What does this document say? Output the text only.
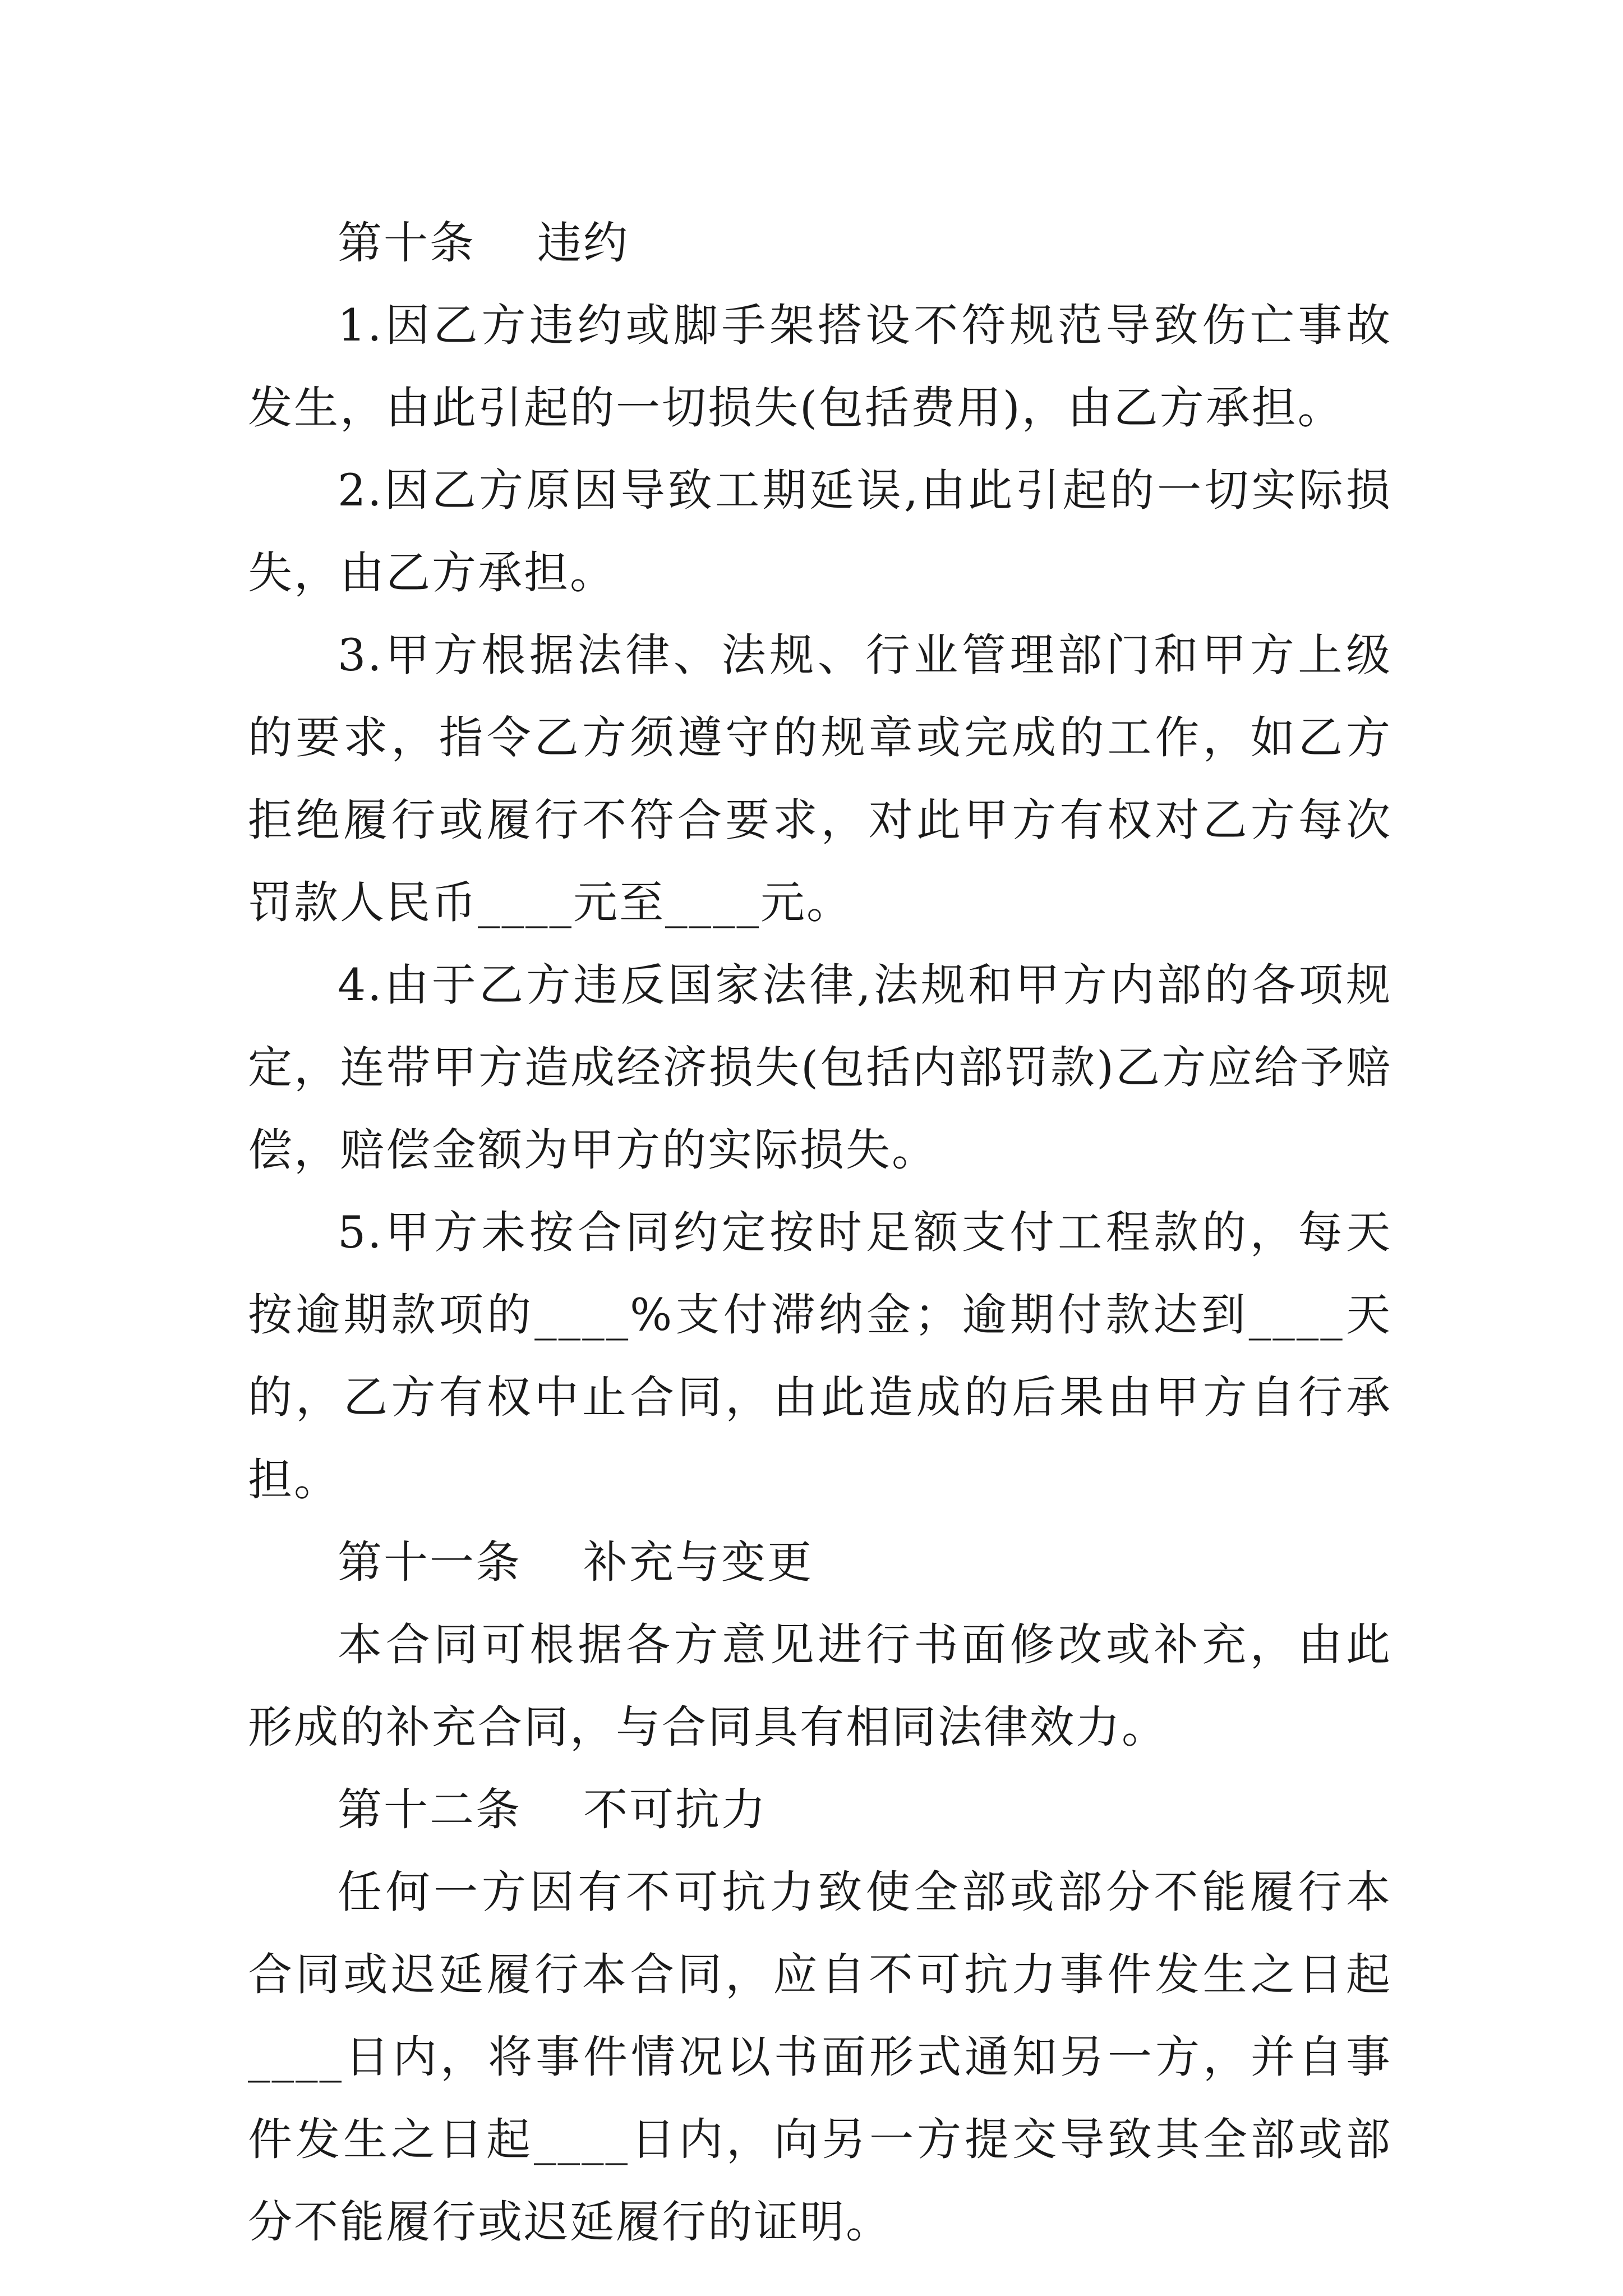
第十条 违约

1.因乙方违约或脚手架搭设不符规范导致伤亡事故发生，由此引起的一切损失(包括费用)，由乙方承担。

2.因乙方原因导致工期延误,由此引起的一切实际损失，由乙方承担。

3.甲方根据法律、法规、行业管理部门和甲方上级的要求，指令乙方须遵守的规章或完成的工作，如乙方拒绝履行或履行不符合要求，对此甲方有权对乙方每次罚款人民币____元至____元。

4.由于乙方违反国家法律,法规和甲方内部的各项规定，连带甲方造成经济损失(包括内部罚款)乙方应给予赔偿，赔偿金额为甲方的实际损失。

5.甲方未按合同约定按时足额支付工程款的，每天按逾期款项的____%支付滞纳金；逾期付款达到____天的，乙方有权中止合同，由此造成的后果由甲方自行承担。

第十一条 补充与变更

本合同可根据各方意见进行书面修改或补充，由此形成的补充合同，与合同具有相同法律效力。

第十二条 不可抗力

任何一方因有不可抗力致使全部或部分不能履行本合同或迟延履行本合同，应自不可抗力事件发生之日起____日内，将事件情况以书面形式通知另一方，并自事件发生之日起____日内，向另一方提交导致其全部或部分不能履行或迟延履行的证明。
